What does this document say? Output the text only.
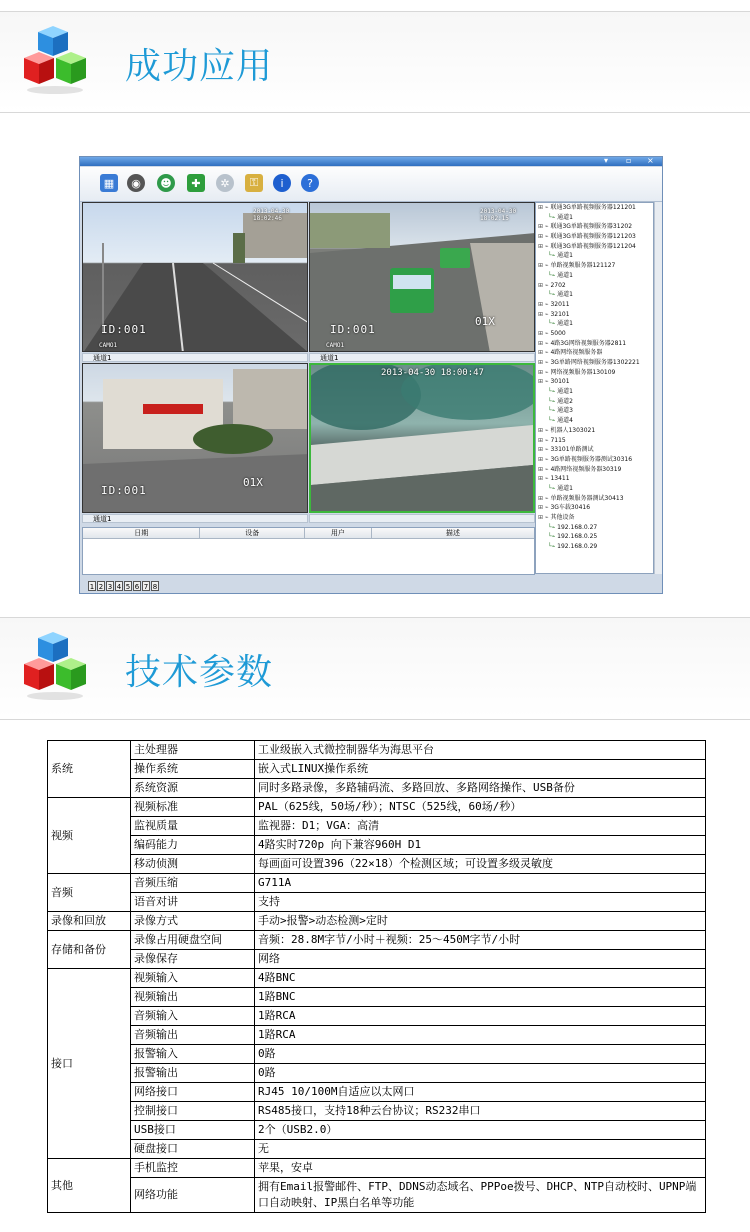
成功应用
▾ ▫ ×
▦	◉	☻	✚	✲	⚿	i	?
2013-04-30 18:02:46
ID:001
CAMO1
2013-04-30 18:02:15
ID:001
01X
CAMO1
通道1	通道1
ID:001
01X
2013-04-30 18:00:47
通道1
⊞ ⌁ 联通3G单路视频服务器121201
└⌁ 通道1
⊞ ⌁ 联通3G单路视频服务器31202
⊞ ⌁ 联通3G单路视频服务器121203
⊞ ⌁ 联通3G单路视频服务器121204
└⌁ 通道1
⊞ ⌁ 单路视频服务器121127
└⌁ 通道1
⊞ ⌁ 2702
└⌁ 通道1
⊞ ⌁ 32011
⊞ ⌁ 32101
└⌁ 通道1
⊞ ⌁ 5000
⊞ ⌁ 4路3G网络视频服务器2811
⊞ ⌁ 4路网络视频服务器
⊞ ⌁ 3G单路网络视频服务器1302221
⊞ ⌁ 网络视频服务器130109
⊞ ⌁ 30101
└⌁ 通道1
└⌁ 通道2
└⌁ 通道3
└⌁ 通道4
⊞ ⌁ 机器人1303021
⊞ ⌁ 7115
⊞ ⌁ 33101单路测试
⊞ ⌁ 3G单路视频服务器测试30316
⊞ ⌁ 4路网络视频服务器30319
⊞ ⌁ 13411
└⌁ 通道1
⊞ ⌁ 单路视频服务器测试30413
⊞ ⌁ 3G车载30416
⊞ ⌁ 其他设备
└⌁ 192.168.0.27
└⌁ 192.168.0.25
└⌁ 192.168.0.29
日期	设备	用户	描述
1 2 3 4 5 6 7 8
技术参数
系统	主处理器	工业级嵌入式微控制器华为海思平台
	操作系统	嵌入式LINUX操作系统
	系统资源	同时多路录像，多路辅码流、多路回放、多路网络操作、USB备份
视频	视频标准	PAL（625线，50场/秒）；NTSC（525线，60场/秒）
	监视质量	监视器：D1；VGA：高清
	编码能力	4路实时720p 向下兼容960H D1
	移动侦测	每画面可设置396（22×18）个检测区域；可设置多级灵敏度
音频	音频压缩	G711A
	语音对讲	支持
录像和回放	录像方式	手动>报警>动态检测>定时
存储和备份	录像占用硬盘空间	音频：28.8M字节/小时＋视频：25～450M字节/小时
	录像保存	网络
接口	视频输入	4路BNC
	视频输出	1路BNC
	音频输入	1路RCA
	音频输出	1路RCA
	报警输入	0路
	报警输出	0路
	网络接口	RJ45 10/100M自适应以太网口
	控制接口	RS485接口，支持18种云台协议；RS232串口
	USB接口	2个（USB2.0）
	硬盘接口	无
其他	手机监控	苹果，安卓
	网络功能	拥有Email报警邮件、FTP、DDNS动态域名、PPPoe拨号、DHCP、NTP自动校时、UPNP端口自动映射、IP黑白名单等功能
